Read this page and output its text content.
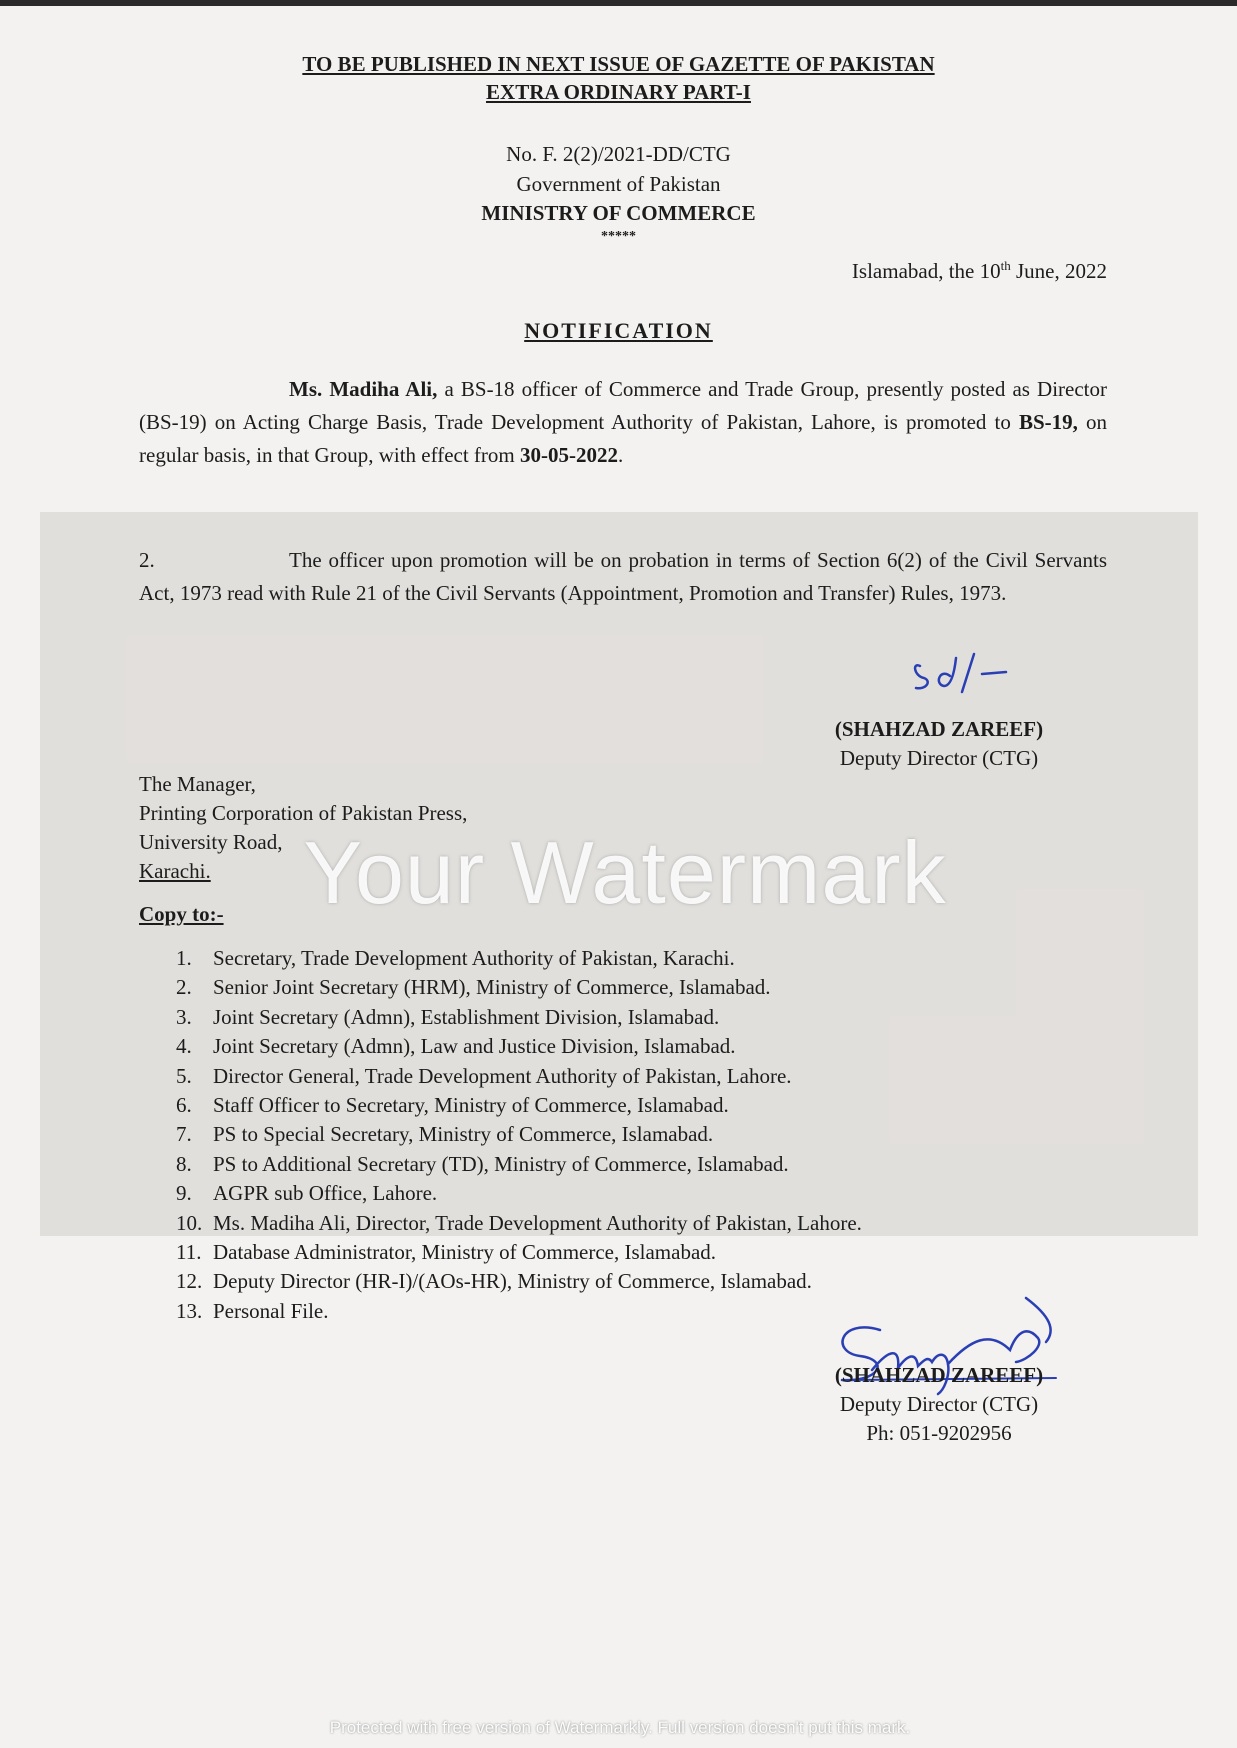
TO BE PUBLISHED IN NEXT ISSUE OF GAZETTE OF PAKISTAN
EXTRA ORDINARY PART-I
No. F. 2(2)/2021-DD/CTG
Government of Pakistan
MINISTRY OF COMMERCE
*****
Islamabad, the 10th June, 2022
NOTIFICATION
Ms. Madiha Ali, a BS-18 officer of Commerce and Trade Group, presently posted as Director (BS-19) on Acting Charge Basis, Trade Development Authority of Pakistan, Lahore, is promoted to BS-19, on regular basis, in that Group, with effect from 30-05-2022.
2.	The officer upon promotion will be on probation in terms of Section 6(2) of the Civil Servants Act, 1973 read with Rule 21 of the Civil Servants (Appointment, Promotion and Transfer) Rules, 1973.
(SHAHZAD ZAREEF)
Deputy Director (CTG)
The Manager,
Printing Corporation of Pakistan Press,
University Road,
Karachi.
Copy to:-
1. Secretary, Trade Development Authority of Pakistan, Karachi.
2. Senior Joint Secretary (HRM), Ministry of Commerce, Islamabad.
3. Joint Secretary (Admn), Establishment Division, Islamabad.
4. Joint Secretary (Admn), Law and Justice Division, Islamabad.
5. Director General, Trade Development Authority of Pakistan, Lahore.
6. Staff Officer to Secretary, Ministry of Commerce, Islamabad.
7. PS to Special Secretary, Ministry of Commerce, Islamabad.
8. PS to Additional Secretary (TD), Ministry of Commerce, Islamabad.
9. AGPR sub Office, Lahore.
10. Ms. Madiha Ali, Director, Trade Development Authority of Pakistan, Lahore.
11. Database Administrator, Ministry of Commerce, Islamabad.
12. Deputy Director (HR-I)/(AOs-HR), Ministry of Commerce, Islamabad.
13. Personal File.
(SHAHZAD ZAREEF)
Deputy Director (CTG)
Ph: 051-9202956
Your Watermark
Protected with free version of Watermarkly. Full version doesn't put this mark.
